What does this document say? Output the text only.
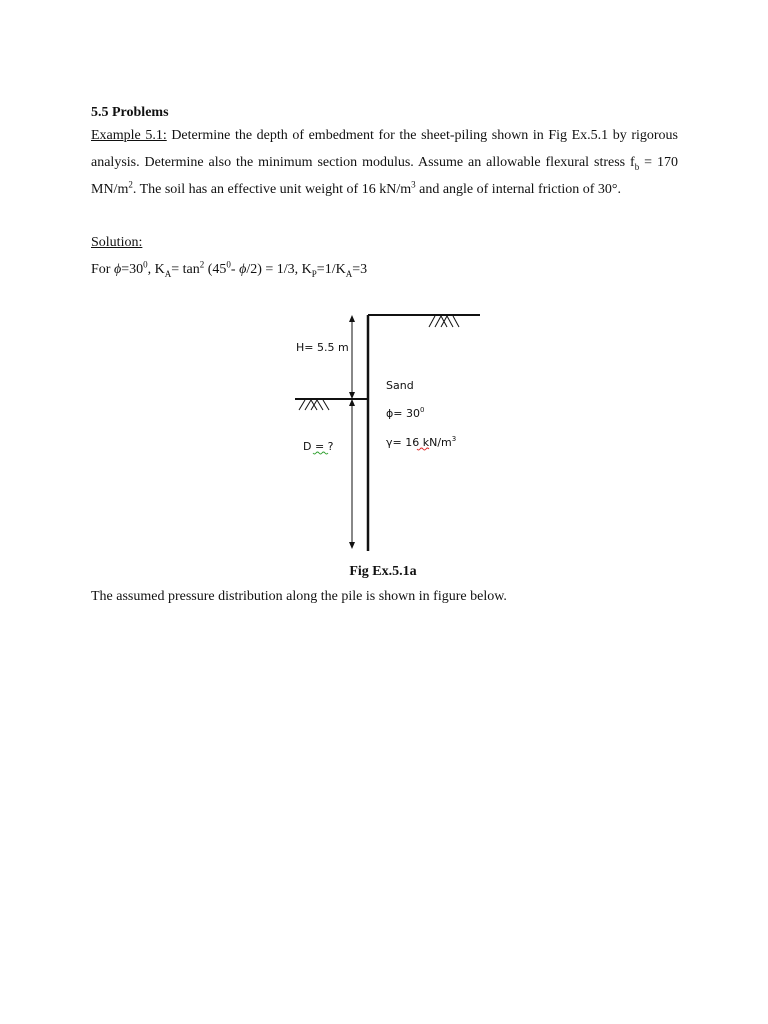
5.5 Problems
Example 5.1: Determine the depth of embedment for the sheet-piling shown in Fig Ex.5.1 by rigorous analysis. Determine also the minimum section modulus. Assume an allowable flexural stress $f_b = 170$ $MN/m^2$. The soil has an effective unit weight of 16 $kN/m^3$ and angle of internal friction of 30°.
Solution:
For $\phi=30^0$, $K_A= \tan^2 (45^0-$ ϕ/2) = 1/3, $K_P=1/K_A=3$
H= 5.5 m
D = ?
Sand
$\phi= 30^0$
γ= 16 $kN/m^3$
Fig Ex.5.1a
The assumed pressure distribution along the pile is shown in figure below.
